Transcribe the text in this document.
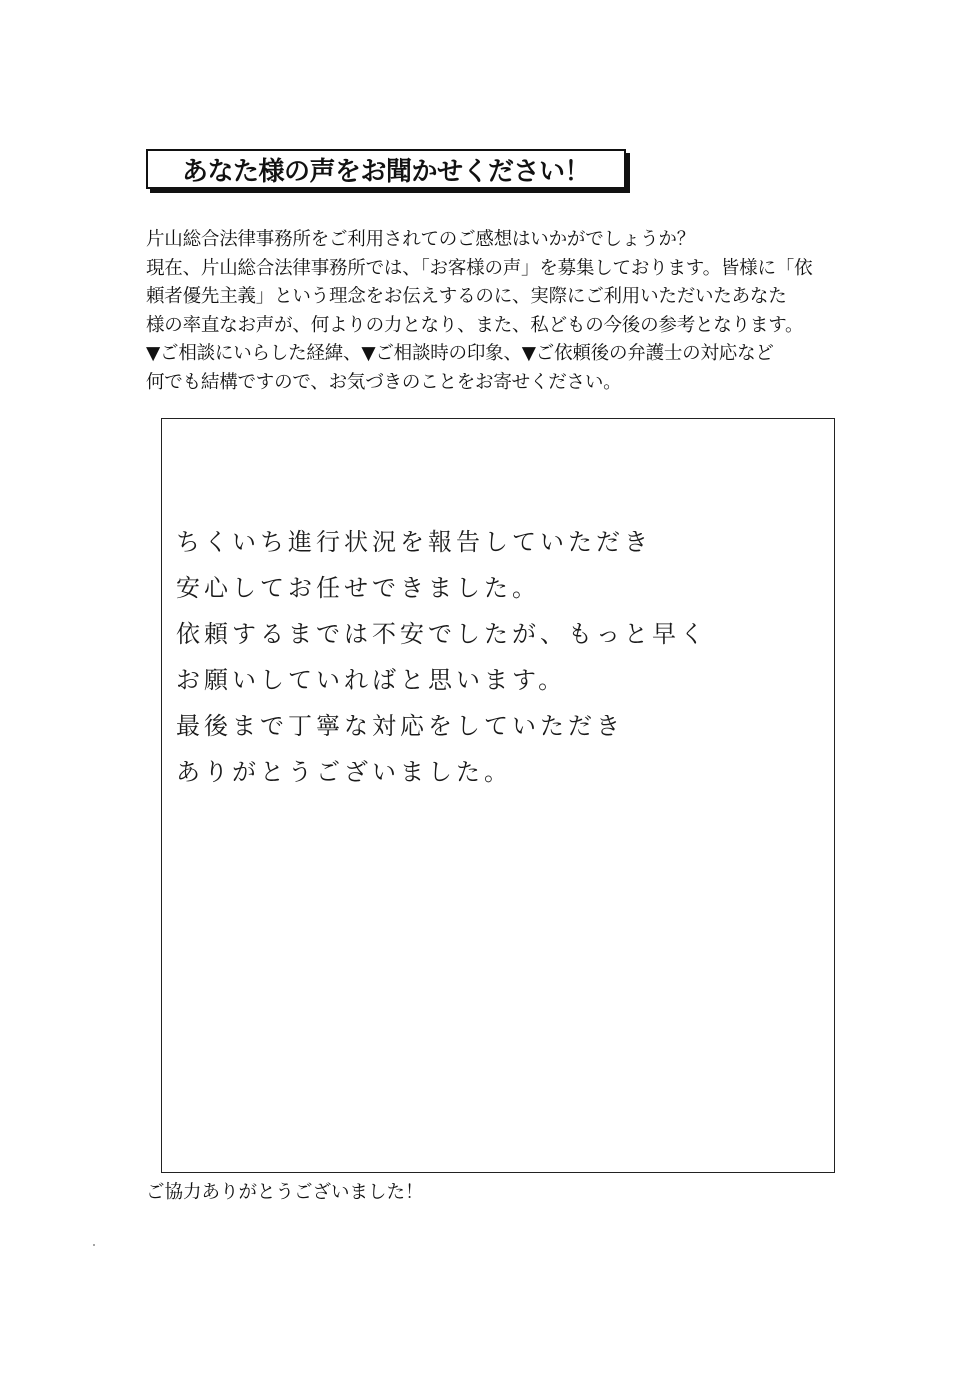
あなた様の声をお聞かせください！
片山総合法律事務所をご利用されてのご感想はいかがでしょうか？
現在、片山総合法律事務所では、「お客様の声」を募集しております。皆様に「依
頼者優先主義」という理念をお伝えするのに、実際にご利用いただいたあなた
様の率直なお声が、何よりの力となり、また、私どもの今後の参考となります。
▼ご相談にいらした経緯、▼ご相談時の印象、▼ご依頼後の弁護士の対応など
何でも結構ですので、お気づきのことをお寄せください。
ちくいち進行状況を報告していただき
安心してお任せできました。
依頼するまでは不安でしたが、もっと早く
お願いしていればと思います。
最後まで丁寧な対応をしていただき
ありがとうございました。
ご協力ありがとうございました！
